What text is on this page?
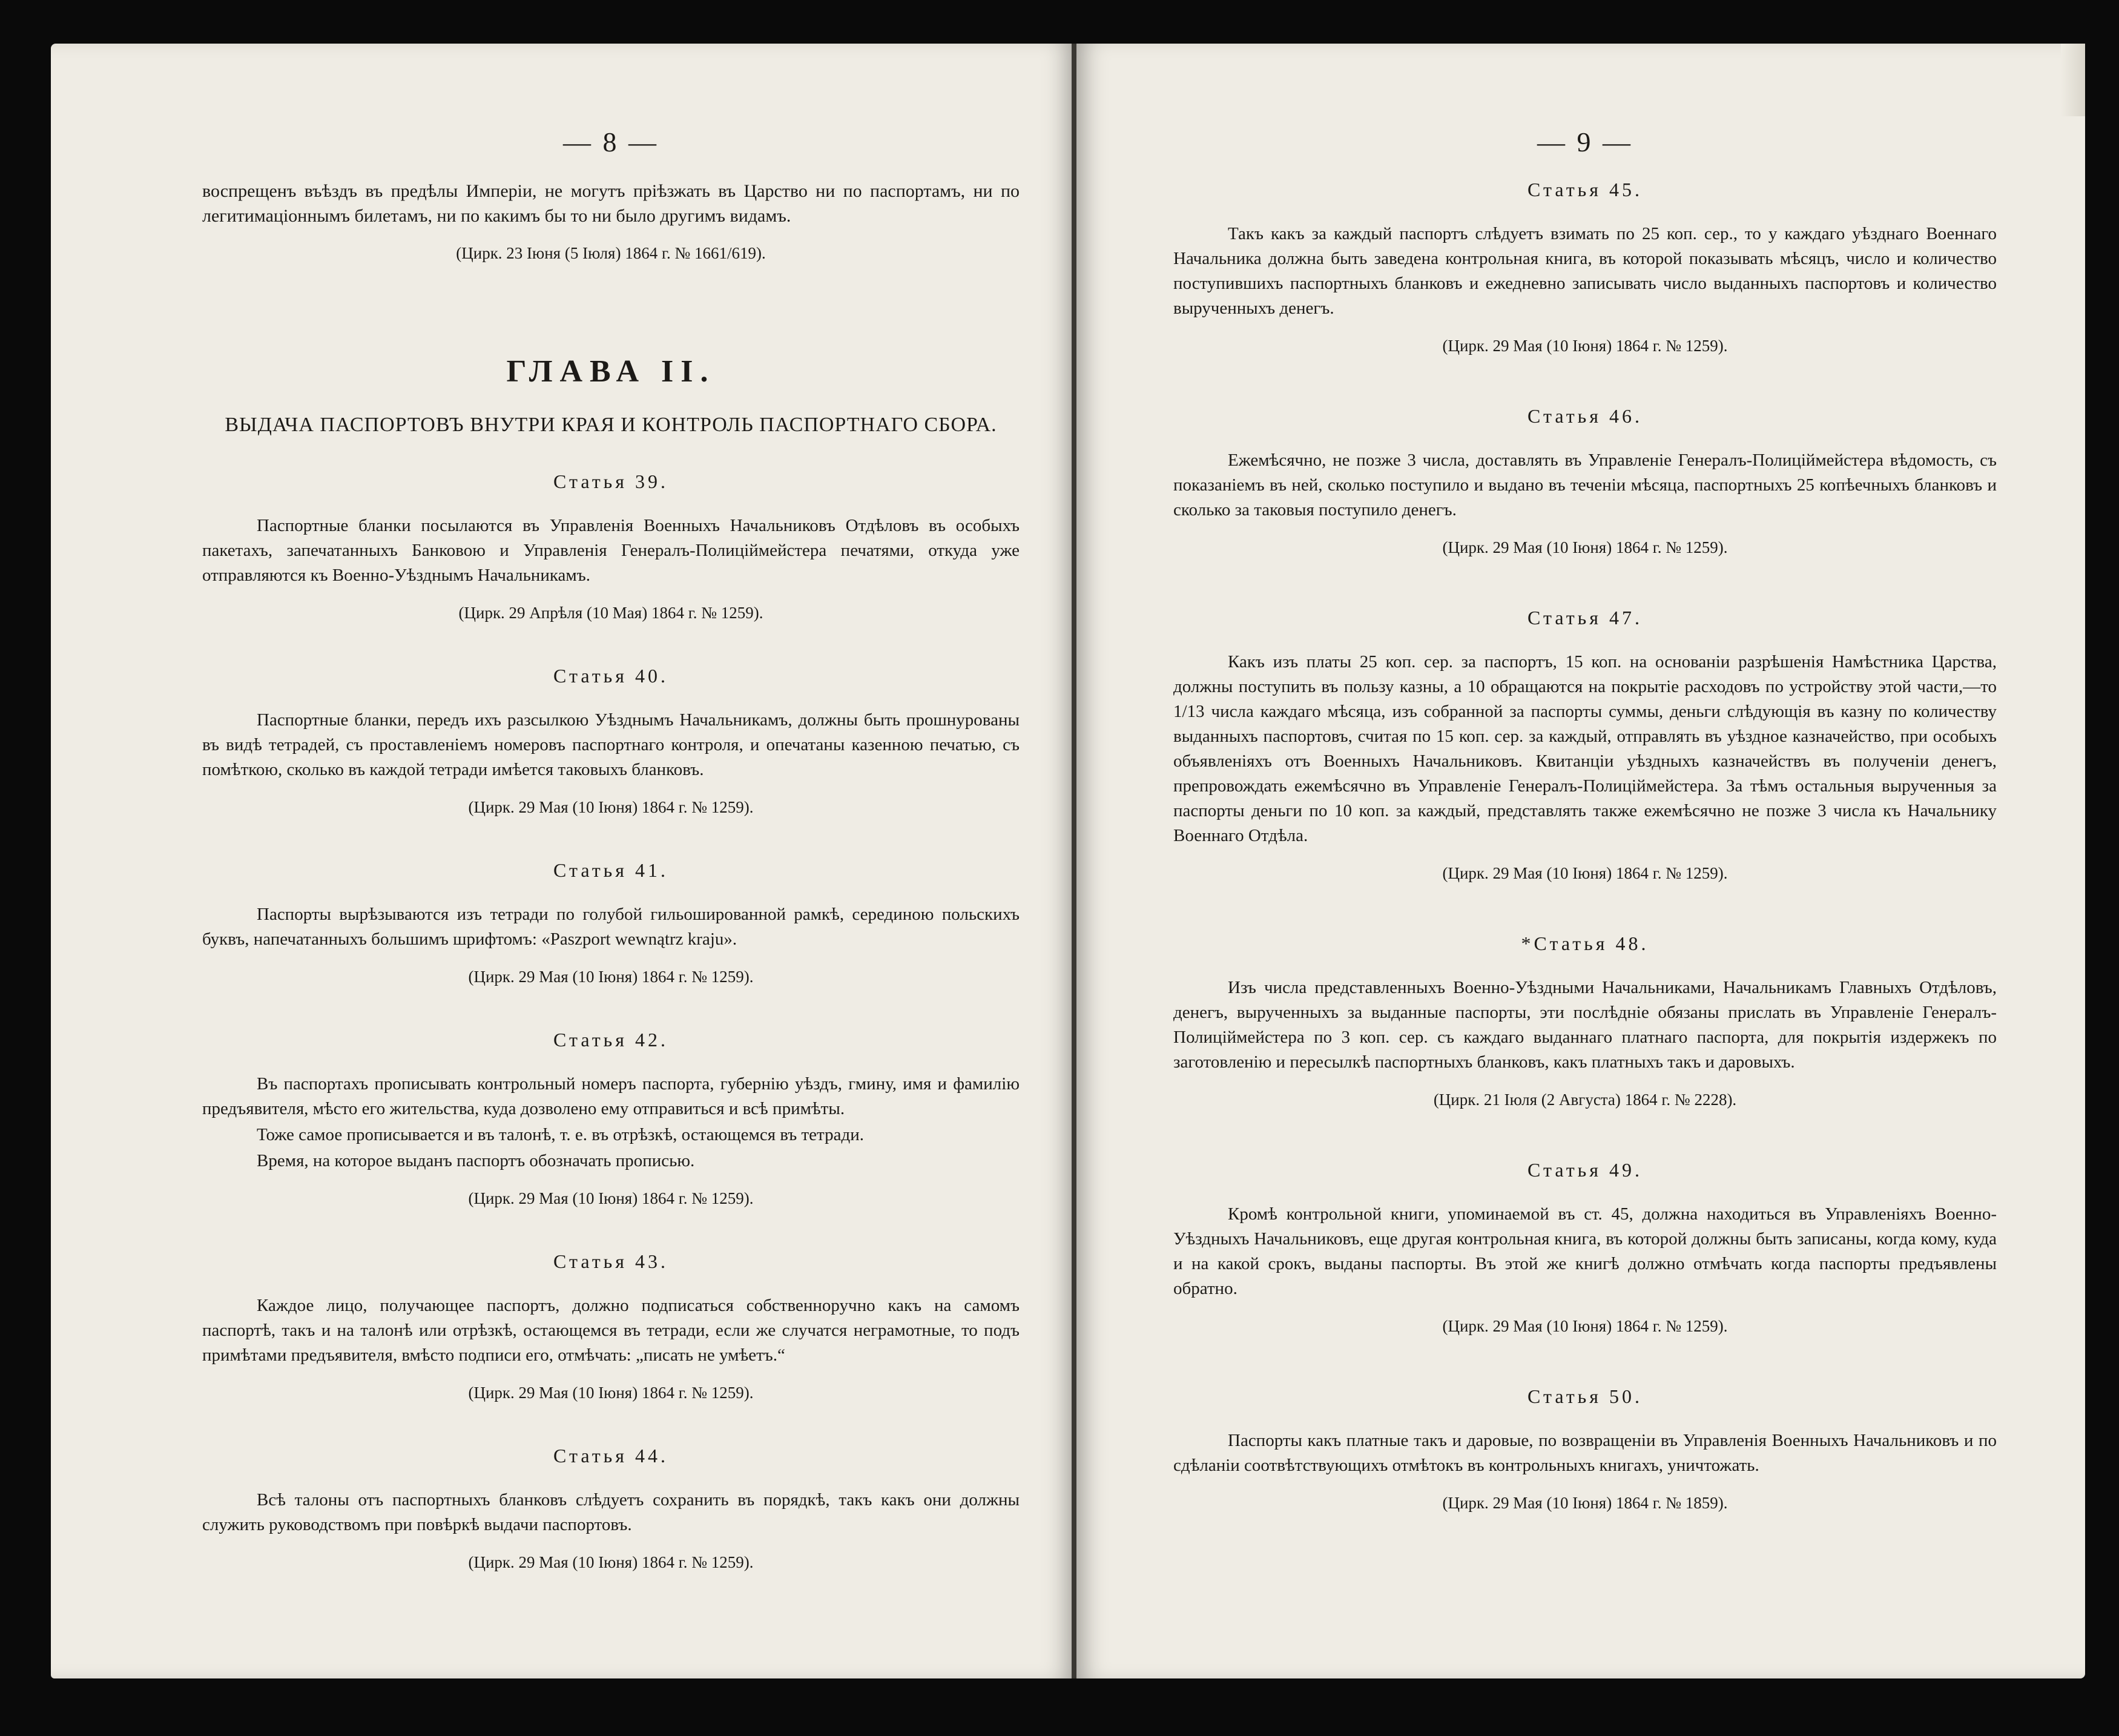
— 8 —

воспрещенъ въѣздъ въ предѣлы Имперіи, не могутъ пріѣзжать въ Царство ни по паспортамъ, ни по легитимаціоннымъ билетамъ, ни по какимъ бы то ни было другимъ видамъ.

(Цирк. 23 Іюня (5 Іюля) 1864 г. № 1661/619).
ГЛАВА II.
ВЫДАЧА ПАСПОРТОВЪ ВНУТРИ КРАЯ И КОНТРОЛЬ ПАСПОРТНАГО СБОРА.
Статья 39.

Паспортные бланки посылаются въ Управленія Военныхъ Начальниковъ Отдѣловъ въ особыхъ пакетахъ, запечатанныхъ Банковою и Управленія Генералъ-Полицiймейстера печатями, откуда уже отправляются къ Военно-Уѣзднымъ Начальникамъ.

(Цирк. 29 Апрѣля (10 Мая) 1864 г. № 1259).
Статья 40.

Паспортные бланки, передъ ихъ разсылкою Уѣзднымъ Начальникамъ, должны быть прошнурованы въ видѣ тетрадей, съ проставленіемъ номеровъ паспортнаго контроля, и опечатаны казенною печатью, съ помѣткою, сколько въ каждой тетради имѣется таковыхъ бланковъ.

(Цирк. 29 Мая (10 Іюня) 1864 г. № 1259).
Статья 41.

Паспорты вырѣзываются изъ тетради по голубой гильошированной рамкѣ, серединою польскихъ буквъ, напечатанныхъ большимъ шрифтомъ: «Paszport wewnątrz kraju».

(Цирк. 29 Мая (10 Іюня) 1864 г. № 1259).
Статья 42.

Въ паспортахъ прописывать контрольный номеръ паспорта, губернію уѣздъ, гмину, имя и фамилію предъявителя, мѣсто его жительства, куда дозволено ему отправиться и всѣ примѣты.

Тоже самое прописывается и въ талонѣ, т. е. въ отрѣзкѣ, остающемся въ тетради.

Время, на которое выданъ паспортъ обозначать прописью.

(Цирк. 29 Мая (10 Іюня) 1864 г. № 1259).
Статья 43.

Каждое лицо, получающее паспортъ, должно подписаться собственноручно какъ на самомъ паспортѣ, такъ и на талонѣ или отрѣзкѣ, остающемся въ тетради, если же случатся неграмотные, то подъ примѣтами предъявителя, вмѣсто подписи его, отмѣчать: „писать не умѣетъ.“

(Цирк. 29 Мая (10 Іюня) 1864 г. № 1259).
Статья 44.

Всѣ талоны отъ паспортныхъ бланковъ слѣдуетъ сохранить въ порядкѣ, такъ какъ они должны служить руководствомъ при повѣркѣ выдачи паспортовъ.

(Цирк. 29 Мая (10 Іюня) 1864 г. № 1259).
— 9 —
Статья 45.

Такъ какъ за каждый паспортъ слѣдуетъ взимать по 25 коп. сер., то у каждаго уѣзднаго Военнаго Начальника должна быть заведена контрольная книга, въ которой показывать мѣсяцъ, число и количество поступившихъ паспортныхъ бланковъ и ежедневно записывать число выданныхъ паспортовъ и количество вырученныхъ денегъ.

(Цирк. 29 Мая (10 Іюня) 1864 г. № 1259).
Статья 46.

Ежемѣсячно, не позже 3 числа, доставлять въ Управленіе Генералъ-Полицiймейстера вѣдомость, съ показаніемъ въ ней, сколько поступило и выдано въ теченіи мѣсяца, паспортныхъ 25 копѣечныхъ бланковъ и сколько за таковыя поступило денегъ.

(Цирк. 29 Мая (10 Іюня) 1864 г. № 1259).
Статья 47.

Какъ изъ платы 25 коп. сер. за паспортъ, 15 коп. на основаніи разрѣшенія Намѣстника Царства, должны поступить въ пользу казны, а 10 обращаются на покрытіе расходовъ по устройству этой части,—то 1/13 числа каждаго мѣсяца, изъ собранной за паспорты суммы, деньги слѣдующія въ казну по количеству выданныхъ паспортовъ, считая по 15 коп. сер. за каждый, отправлять въ уѣздное казначейство, при особыхъ объявленіяхъ отъ Военныхъ Начальниковъ. Квитанціи уѣздныхъ казначействъ въ полученіи денегъ, препровождать ежемѣсячно въ Управленіе Генералъ-Полицiймейстера. За тѣмъ остальныя вырученныя за паспорты деньги по 10 коп. за каждый, представлять также ежемѣсячно не позже 3 числа къ Начальнику Военнаго Отдѣла.

(Цирк. 29 Мая (10 Іюня) 1864 г. № 1259).
*Статья 48.

Изъ числа представленныхъ Военно-Уѣздными Начальниками, Начальникамъ Главныхъ Отдѣловъ, денегъ, вырученныхъ за выданные паспорты, эти послѣдніе обязаны прислать въ Управленіе Генералъ-Полицiймейстера по 3 коп. сер. съ каждаго выданнаго платнаго паспорта, для покрытія издержекъ по заготовленію и пересылкѣ паспортныхъ бланковъ, какъ платныхъ такъ и даровыхъ.

(Цирк. 21 Іюля (2 Августа) 1864 г. № 2228).
Статья 49.

Кромѣ контрольной книги, упоминаемой въ ст. 45, должна находиться въ Управленіяхъ Военно-Уѣздныхъ Начальниковъ, еще другая контрольная книга, въ которой должны быть записаны, когда кому, куда и на какой срокъ, выданы паспорты. Въ этой же книгѣ должно отмѣчать когда паспорты предъявлены обратно.

(Цирк. 29 Мая (10 Іюня) 1864 г. № 1259).
Статья 50.

Паспорты какъ платные такъ и даровые, по возвращеніи въ Управленія Военныхъ Начальниковъ и по сдѣланіи соотвѣтствующихъ отмѣтокъ въ контрольныхъ книгахъ, уничтожать.

(Цирк. 29 Мая (10 Іюня) 1864 г. № 1859).
